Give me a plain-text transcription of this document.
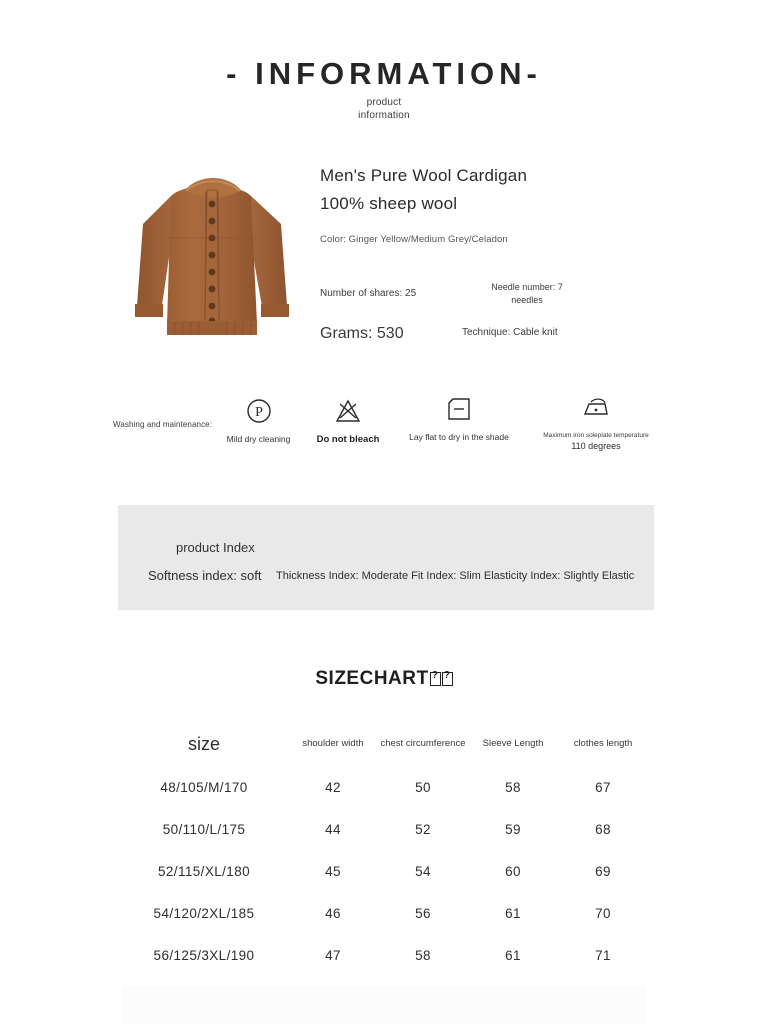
- INFORMATION-
product
information
Men's Pure Wool Cardigan
100% sheep wool
Color: Ginger Yellow/Medium Grey/Celadon
Number of shares: 25
Needle number: 7
needles
Grams: 530	Technique: Cable knit
Washing and maintenance:
P
Mild dry cleaning	Do not bleach	Lay flat to dry in the shade	Maximum iron soleplate temperature
110 degrees
product Index
Softness index: soft Thickness Index: Moderate Fit Index: Slim Elasticity Index: Slightly Elastic
SIZECHART??
size	shoulder width	chest circumference	Sleeve Length	clothes length
48/105/M/170	42	50	58	67
50/110/L/175	44	52	59	68
52/115/XL/180	45	54	60	69
54/120/2XL/185	46	56	61	70
56/125/3XL/190	47	58	61	71
